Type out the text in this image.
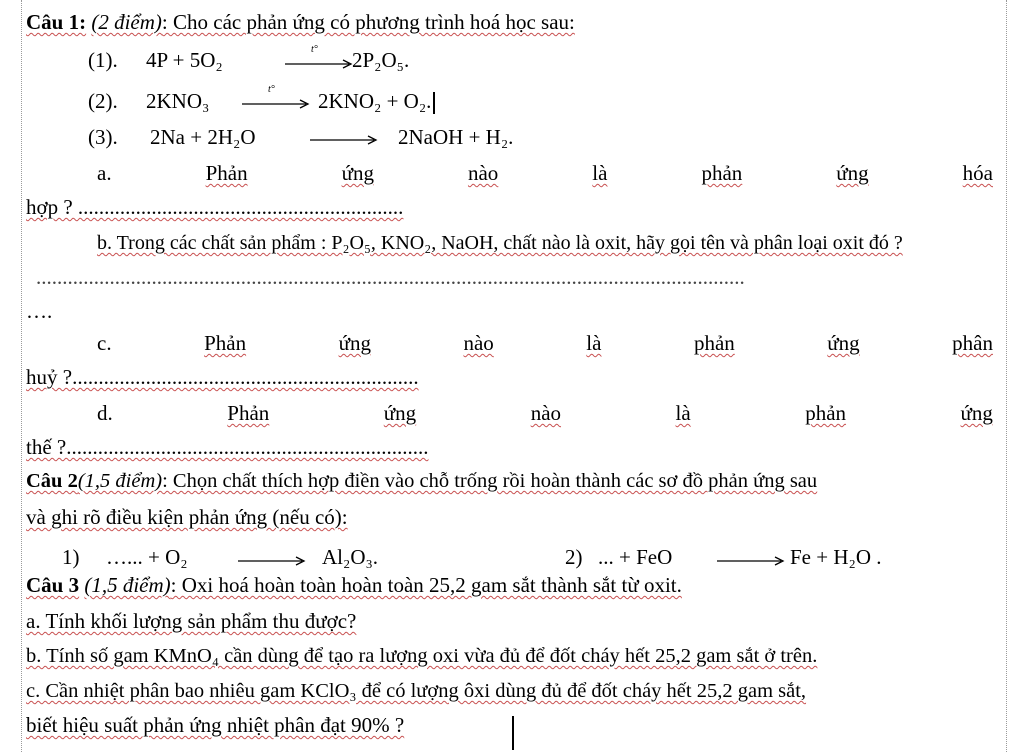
Câu 1: (2 điểm): Cho các phản ứng có phương trình hoá học sau:
(1). 4P + 5O₂	t° 2P₂O₅.
(2). 2KNO₃	t° 2KNO₂ + O₂.
(3). 2Na + 2H₂O	2NaOH + H₂.
a.	Phản	ứng	nào	là	phản	ứng	hóa
hợp ? ..............................................................
b. Trong các chất sản phẩm : P₂O₅, KNO₂, NaOH, chất nào là oxit, hãy gọi tên và phân loại oxit đó ?
.......................................................................................................................................
….
c.	Phản	ứng	nào	là	phản	ứng	phân
huỷ ?..................................................................
d.	Phản	ứng	nào	là	phản	ứng
thế ?.....................................................................
Câu 2(1,5 điểm): Chọn chất thích hợp điền vào chỗ trống rồi hoàn thành các sơ đồ phản ứng sau
và ghi rõ điều kiện phản ứng (nếu có):
1) …... + O₂	Al₂O₃.	2) ... + FeO	Fe + H₂O .
Câu 3 (1,5 điểm): Oxi hoá hoàn toàn hoàn toàn 25,2 gam sắt thành sắt từ oxit.
a. Tính khối lượng sản phẩm thu được?
b. Tính số gam KMnO₄ cần dùng để tạo ra lượng oxi vừa đủ để đốt cháy hết 25,2 gam sắt ở trên.
c. Cần nhiệt phân bao nhiêu gam KClO₃ để có lượng ôxi dùng đủ để đốt cháy hết 25,2 gam sắt,
biết hiệu suất phản ứng nhiệt phân đạt 90% ?
